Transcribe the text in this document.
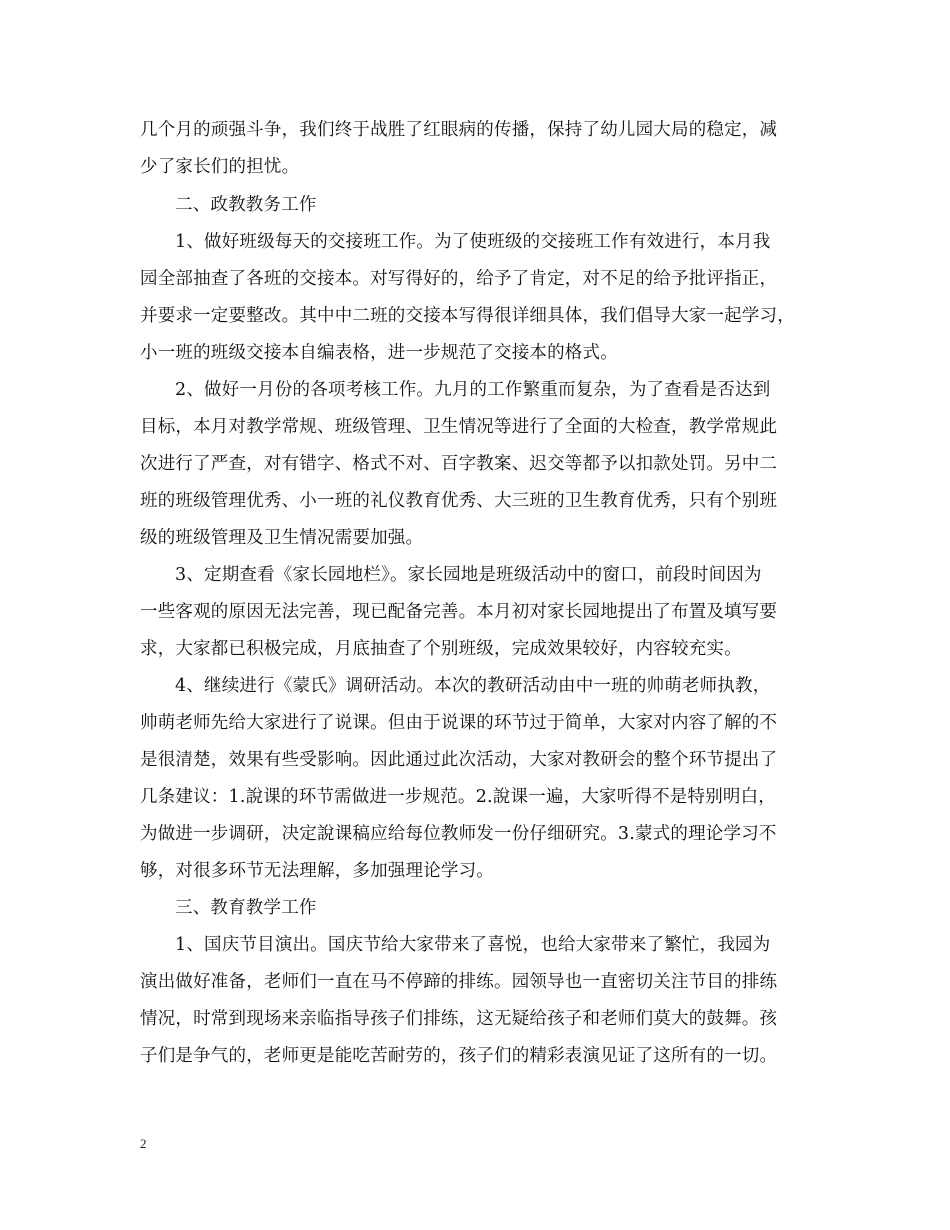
几个月的顽强斗争，我们终于战胜了红眼病的传播，保持了幼儿园大局的稳定，减
少了家长们的担忧。
二、政教教务工作
1、做好班级每天的交接班工作。为了使班级的交接班工作有效进行，本月我
园全部抽查了各班的交接本。对写得好的，给予了肯定，对不足的给予批评指正，
并要求一定要整改。其中中二班的交接本写得很详细具体，我们倡导大家一起学习，
小一班的班级交接本自编表格，进一步规范了交接本的格式。
2、做好一月份的各项考核工作。九月的工作繁重而复杂，为了查看是否达到
目标，本月对教学常规、班级管理、卫生情况等进行了全面的大检查，教学常规此
次进行了严查，对有错字、格式不对、百字教案、迟交等都予以扣款处罚。另中二
班的班级管理优秀、小一班的礼仪教育优秀、大三班的卫生教育优秀，只有个别班
级的班级管理及卫生情况需要加强。
3、定期查看《家长园地栏》。家长园地是班级活动中的窗口，前段时间因为
一些客观的原因无法完善，现已配备完善。本月初对家长园地提出了布置及填写要
求，大家都已积极完成，月底抽查了个别班级，完成效果较好，内容较充实。
4、继续进行《蒙氏》调研活动。本次的教研活动由中一班的帅萌老师执教，
帅萌老师先给大家进行了说课。但由于说课的环节过于简单，大家对内容了解的不
是很清楚，效果有些受影响。因此通过此次活动，大家对教研会的整个环节提出了
几条建议：1.說课的环节需做进一步规范。2.說课一遍，大家听得不是特别明白，
为做进一步调研，决定說课稿应给每位教师发一份仔细研究。3.蒙式的理论学习不
够，对很多环节无法理解，多加强理论学习。
三、教育教学工作
1、国庆节目演出。国庆节给大家带来了喜悦，也给大家带来了繁忙，我园为
演出做好准备，老师们一直在马不停蹄的排练。园领导也一直密切关注节目的排练
情况，时常到现场来亲临指导孩子们排练，这无疑给孩子和老师们莫大的鼓舞。孩
子们是争气的，老师更是能吃苦耐劳的，孩子们的精彩表演见证了这所有的一切。
2
